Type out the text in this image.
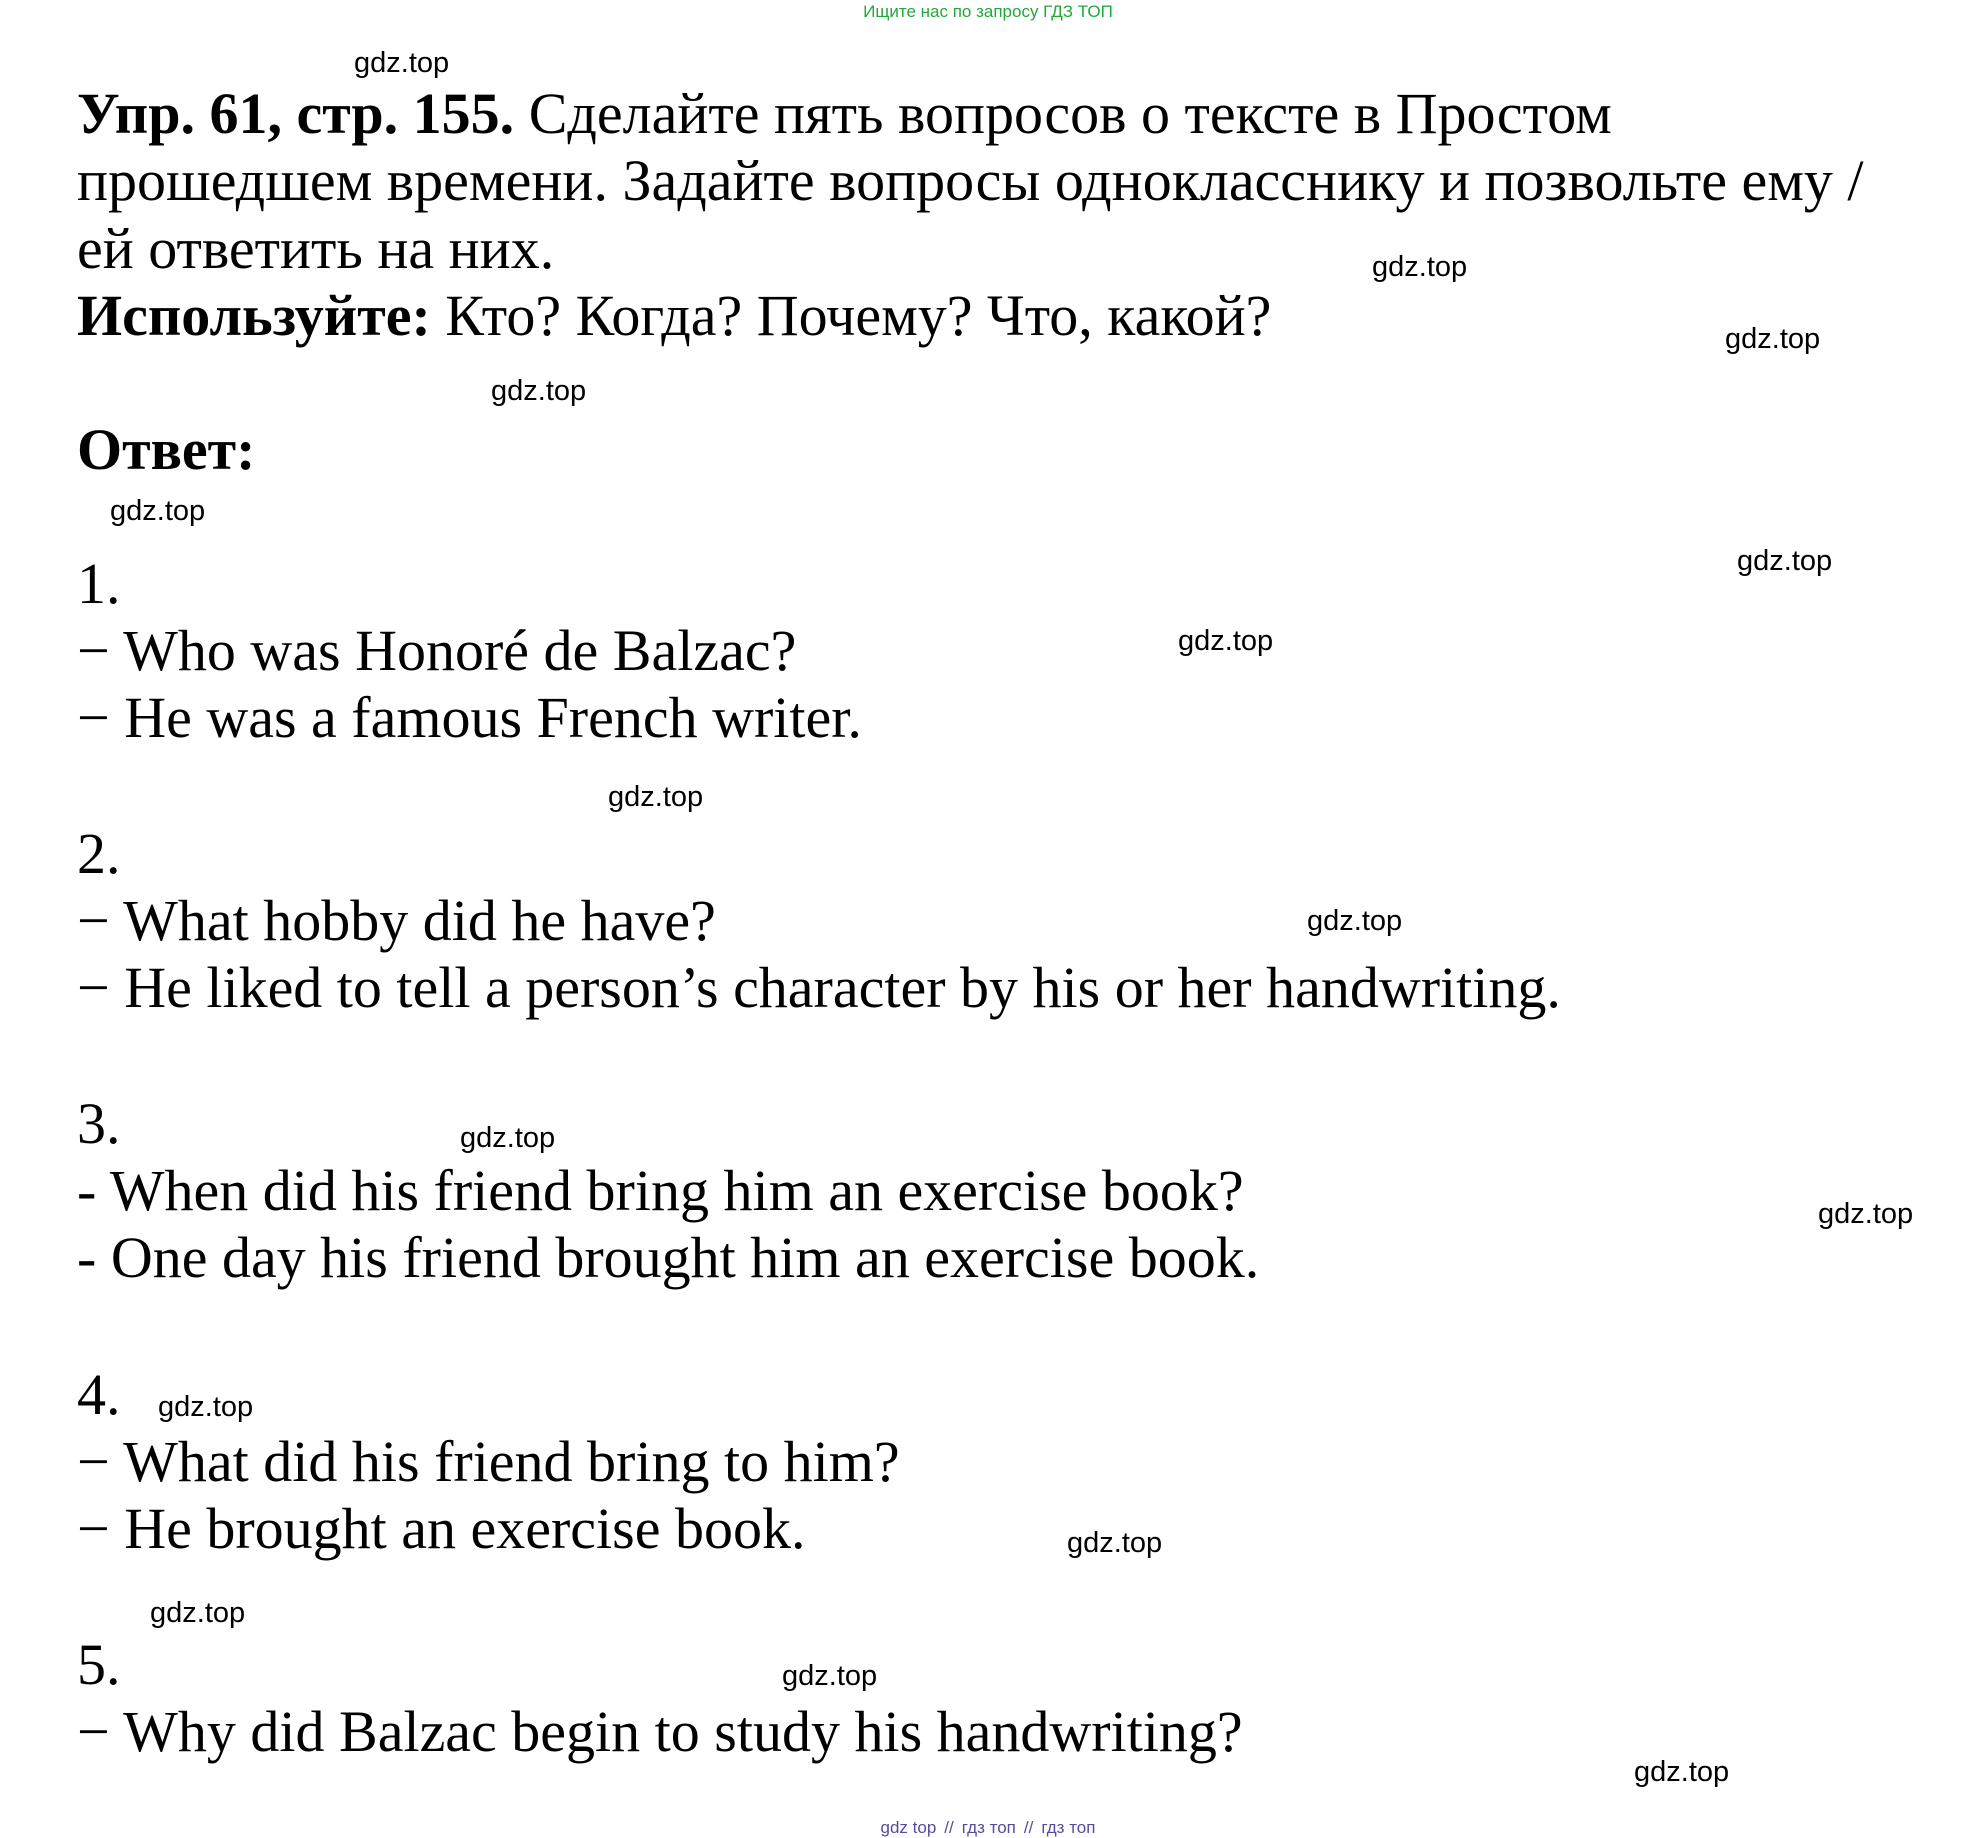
Ищите нас по запросу ГДЗ ТОП
Упр. 61, стр. 155. Сделайте пять вопросов о тексте в Простом
прошедшем времени. Задайте вопросы однокласснику и позвольте ему /
ей ответить на них.
Используйте: Кто? Когда? Почему? Что, какой?
Ответ:
1.
− Who was Honoré de Balzac?
− He was a famous French writer.
2.
− What hobby did he have?
− He liked to tell a person’s character by his or her handwriting.
3.
- When did his friend bring him an exercise book?
- One day his friend brought him an exercise book.
4.
− What did his friend bring to him?
− He brought an exercise book.
5.
− Why did Balzac begin to study his handwriting?
gdz.top
gdz.top
gdz.top
gdz.top
gdz.top
gdz.top
gdz.top
gdz.top
gdz.top
gdz.top
gdz.top
gdz.top
gdz.top
gdz.top
gdz.top
gdz.top
gdz top // гдз топ // гдз топ
